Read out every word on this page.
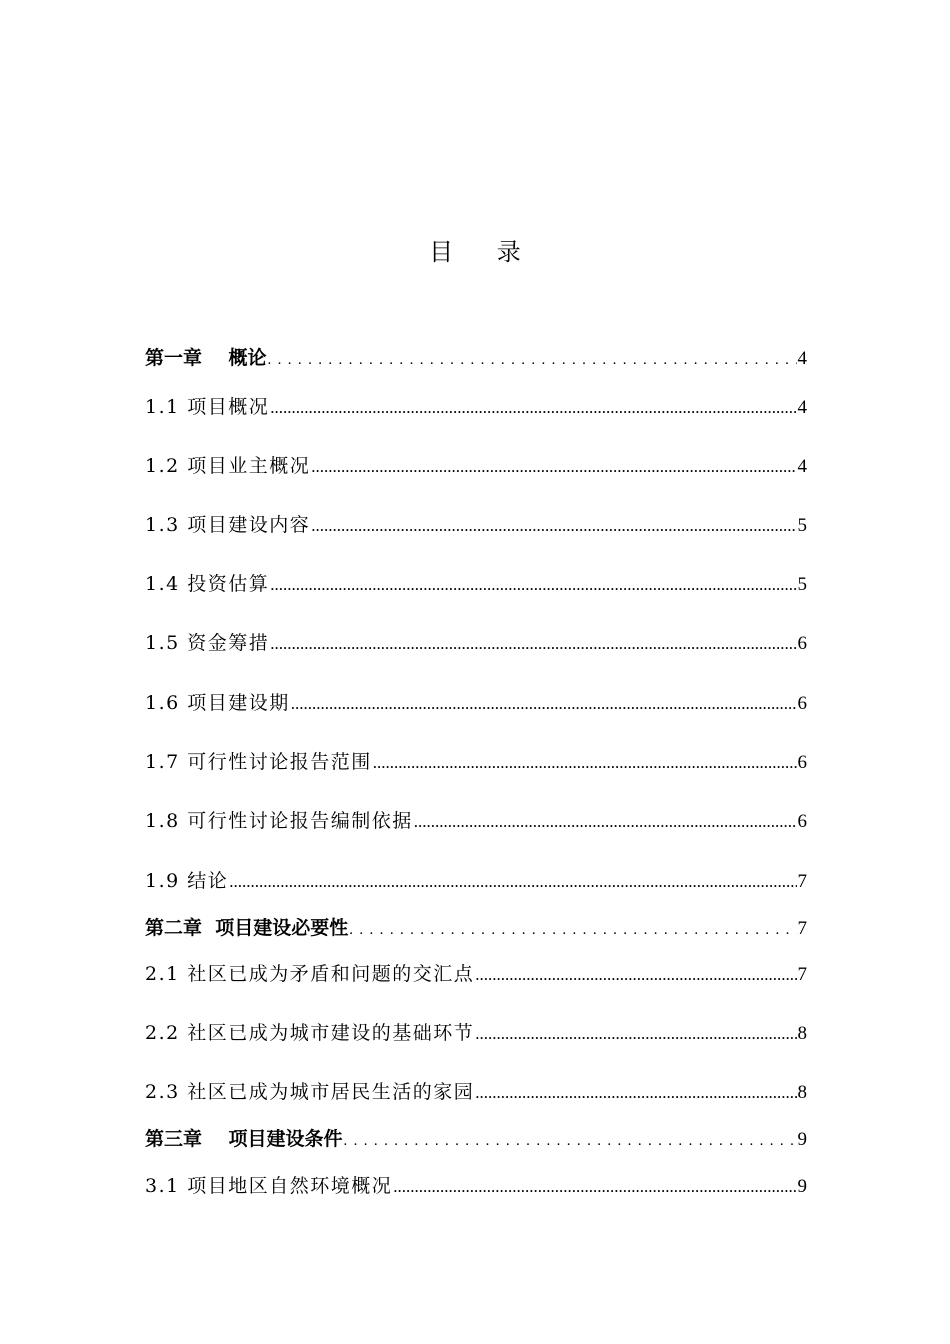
目 录
第一章    概论 .....	4
1.1 项目概况 .....	4
1.2 项目业主概况 .....	4
1.3 项目建设内容 .....	5
1.4 投资估算 .....	5
1.5 资金筹措 .....	6
1.6 项目建设期 .....	6
1.7 可行性讨论报告范围 .....	6
1.8 可行性讨论报告编制依据 .....	6
1.9 结论 .....	7
第二章  项目建设必要性 .....	7
2.1 社区已成为矛盾和问题的交汇点 .....	7
2.2 社区已成为城市建设的基础环节 .....	8
2.3 社区已成为城市居民生活的家园 .....	8
第三章    项目建设条件 .....	9
3.1 项目地区自然环境概况 .....	9
